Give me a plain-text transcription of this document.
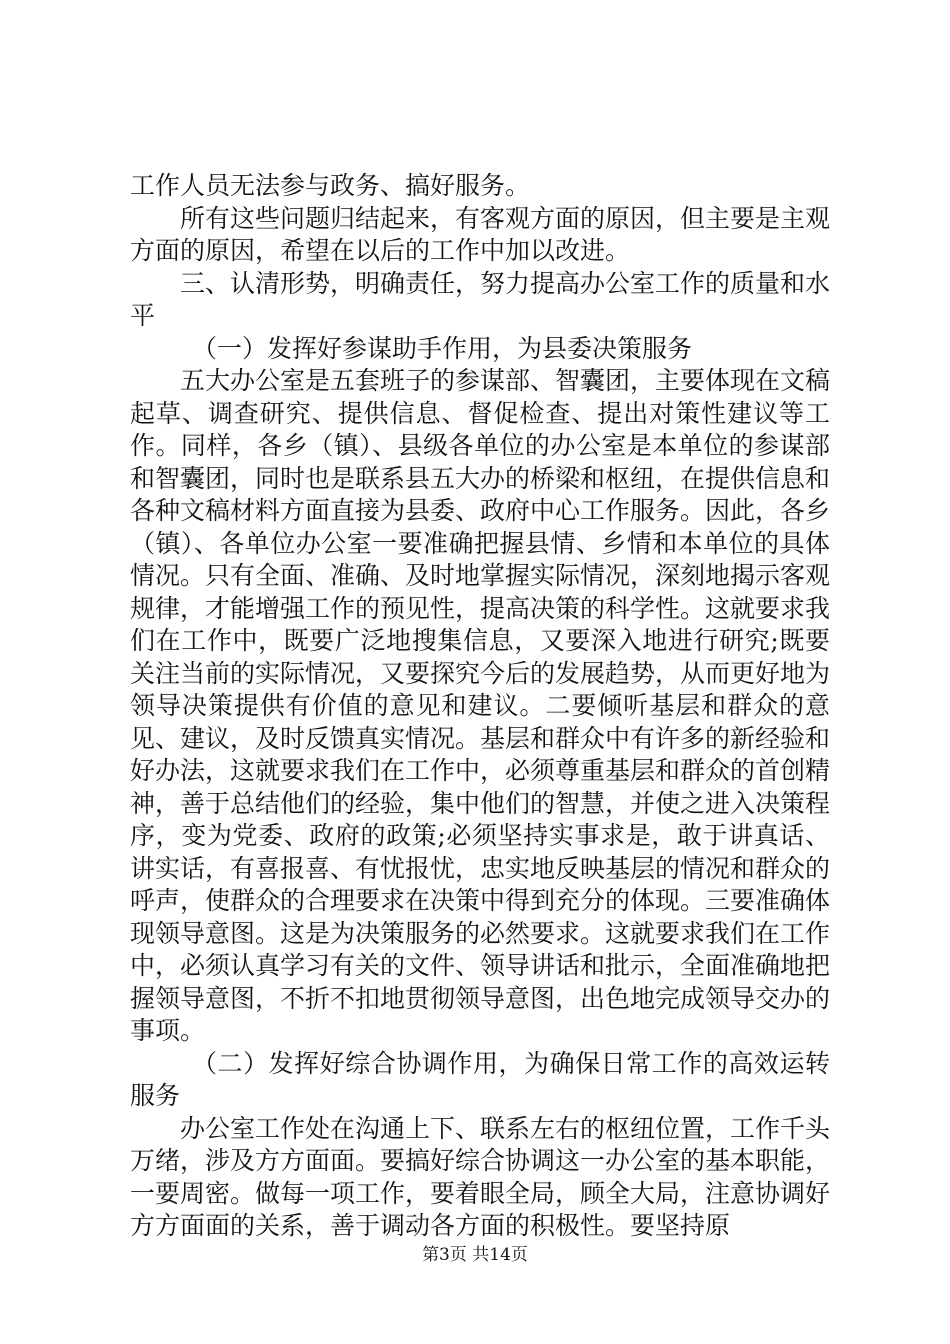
工作人员无法参与政务、搞好服务。

所有这些问题归结起来，有客观方面的原因，但主要是主观方面的原因，希望在以后的工作中加以改进。

三、认清形势，明确责任，努力提高办公室工作的质量和水平

（一）发挥好参谋助手作用，为县委决策服务

五大办公室是五套班子的参谋部、智囊团，主要体现在文稿起草、调查研究、提供信息、督促检查、提出对策性建议等工作。同样，各乡（镇）、县级各单位的办公室是本单位的参谋部和智囊团，同时也是联系县五大办的桥梁和枢纽，在提供信息和各种文稿材料方面直接为县委、政府中心工作服务。因此，各乡（镇）、各单位办公室一要准确把握县情、乡情和本单位的具体情况。只有全面、准确、及时地掌握实际情况，深刻地揭示客观规律，才能增强工作的预见性，提高决策的科学性。这就要求我们在工作中，既要广泛地搜集信息，又要深入地进行研究;既要关注当前的实际情况，又要探究今后的发展趋势，从而更好地为领导决策提供有价值的意见和建议。二要倾听基层和群众的意见、建议，及时反馈真实情况。基层和群众中有许多的新经验和好办法，这就要求我们在工作中，必须尊重基层和群众的首创精神，善于总结他们的经验，集中他们的智慧，并使之进入决策程序，变为党委、政府的政策;必须坚持实事求是，敢于讲真话、讲实话，有喜报喜、有忧报忧，忠实地反映基层的情况和群众的呼声，使群众的合理要求在决策中得到充分的体现。三要准确体现领导意图。这是为决策服务的必然要求。这就要求我们在工作中，必须认真学习有关的文件、领导讲话和批示，全面准确地把握领导意图，不折不扣地贯彻领导意图，出色地完成领导交办的事项。

（二）发挥好综合协调作用，为确保日常工作的高效运转服务

办公室工作处在沟通上下、联系左右的枢纽位置，工作千头万绪，涉及方方面面。要搞好综合协调这一办公室的基本职能，一要周密。做每一项工作，要着眼全局，顾全大局，注意协调好方方面面的关系，善于调动各方面的积极性。要坚持原

第3页 共14页
